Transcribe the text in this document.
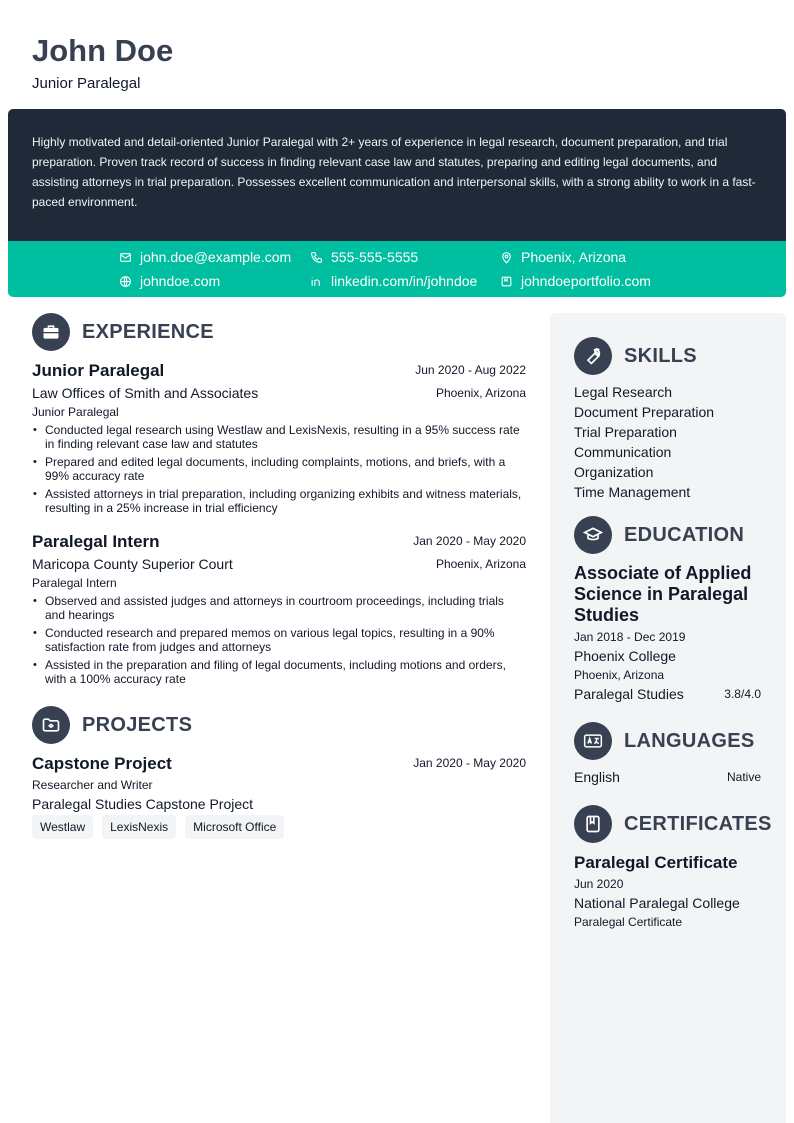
John Doe
Junior Paralegal

Highly motivated and detail-oriented Junior Paralegal with 2+ years of experience in legal research, document preparation, and trial preparation. Proven track record of success in finding relevant case law and statutes, preparing and editing legal documents, and assisting attorneys in trial preparation. Possesses excellent communication and interpersonal skills, with a strong ability to work in a fast-paced environment.

john.doe@example.com	555-555-5555	Phoenix, Arizona
johndoe.com	linkedin.com/in/johndoe	johndoeportfolio.com
EXPERIENCE
Junior Paralegal	Jun 2020 - Aug 2022
Law Offices of Smith and Associates	Phoenix, Arizona
Junior Paralegal
• Conducted legal research using Westlaw and LexisNexis, resulting in a 95% success rate in finding relevant case law and statutes
• Prepared and edited legal documents, including complaints, motions, and briefs, with a 99% accuracy rate
• Assisted attorneys in trial preparation, including organizing exhibits and witness materials, resulting in a 25% increase in trial efficiency
Paralegal Intern	Jan 2020 - May 2020
Maricopa County Superior Court	Phoenix, Arizona
Paralegal Intern
• Observed and assisted judges and attorneys in courtroom proceedings, including trials and hearings
• Conducted research and prepared memos on various legal topics, resulting in a 90% satisfaction rate from judges and attorneys
• Assisted in the preparation and filing of legal documents, including motions and orders, with a 100% accuracy rate
PROJECTS
Capstone Project	Jan 2020 - May 2020
Researcher and Writer
Paralegal Studies Capstone Project
Westlaw	LexisNexis	Microsoft Office
SKILLS
Legal Research
Document Preparation
Trial Preparation
Communication
Organization
Time Management
EDUCATION
Associate of Applied Science in Paralegal Studies
Jan 2018 - Dec 2019
Phoenix College
Phoenix, Arizona
Paralegal Studies	3.8/4.0
LANGUAGES
English	Native
CERTIFICATES
Paralegal Certificate
Jun 2020
National Paralegal College
Paralegal Certificate
